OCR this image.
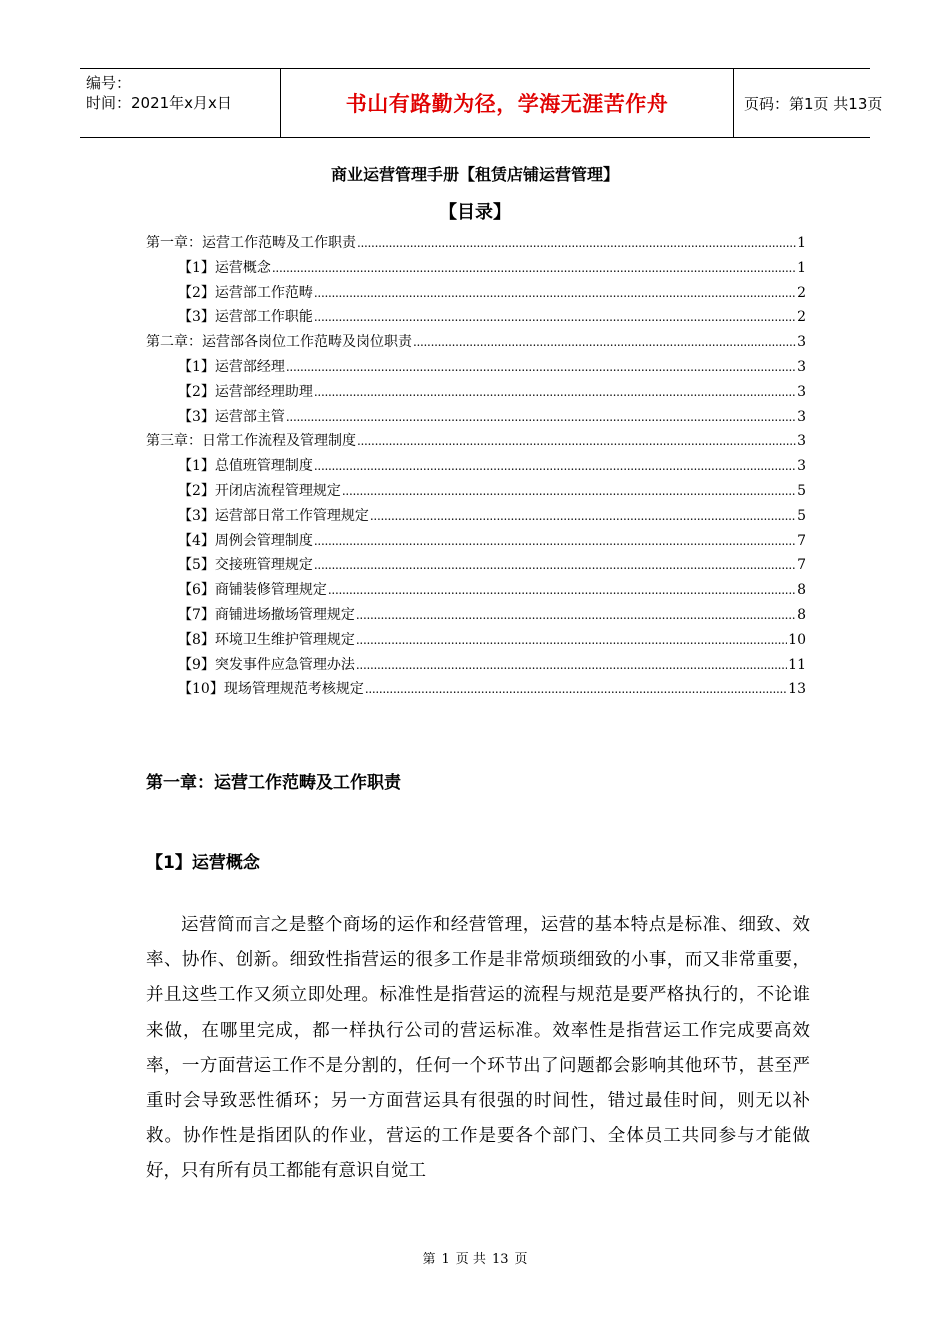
编号：
时间：2021年x月x日	书山有路勤为径，学海无涯苦作舟	页码：第1页 共13页
商业运营管理手册【租赁店铺运营管理】
【目录】
第一章：运营工作范畴及工作职责 .....	1
【1】运营概念 .....	1
【2】运营部工作范畴 .....	2
【3】运营部工作职能 .....	2
第二章：运营部各岗位工作范畴及岗位职责 .....	3
【1】运营部经理 .....	3
【2】运营部经理助理 .....	3
【3】运营部主管 .....	3
第三章：日常工作流程及管理制度 .....	3
【1】总值班管理制度 .....	3
【2】开闭店流程管理规定 .....	5
【3】运营部日常工作管理规定 .....	5
【4】周例会管理制度 .....	7
【5】交接班管理规定 .....	7
【6】商铺装修管理规定 .....	8
【7】商铺进场撤场管理规定 .....	8
【8】环境卫生维护管理规定 .....	10
【9】突发事件应急管理办法 .....	11
【10】现场管理规范考核规定 .....	13
第一章：运营工作范畴及工作职责
【1】运营概念

运营简而言之是整个商场的运作和经营管理，运营的基本特点是标准、细致、效率、协作、创新。细致性指营运的很多工作是非常烦琐细致的小事，而又非常重要，并且这些工作又须立即处理。标准性是指营运的流程与规范是要严格执行的，不论谁来做，在哪里完成，都一样执行公司的营运标准。效率性是指营运工作完成要高效率，一方面营运工作不是分割的，任何一个环节出了问题都会影响其他环节，甚至严重时会导致恶性循环；另一方面营运具有很强的时间性，错过最佳时间，则无以补救。协作性是指团队的作业，营运的工作是要各个部门、全体员工共同参与才能做好，只有所有员工都能有意识自觉工

第 1 页 共 13 页
